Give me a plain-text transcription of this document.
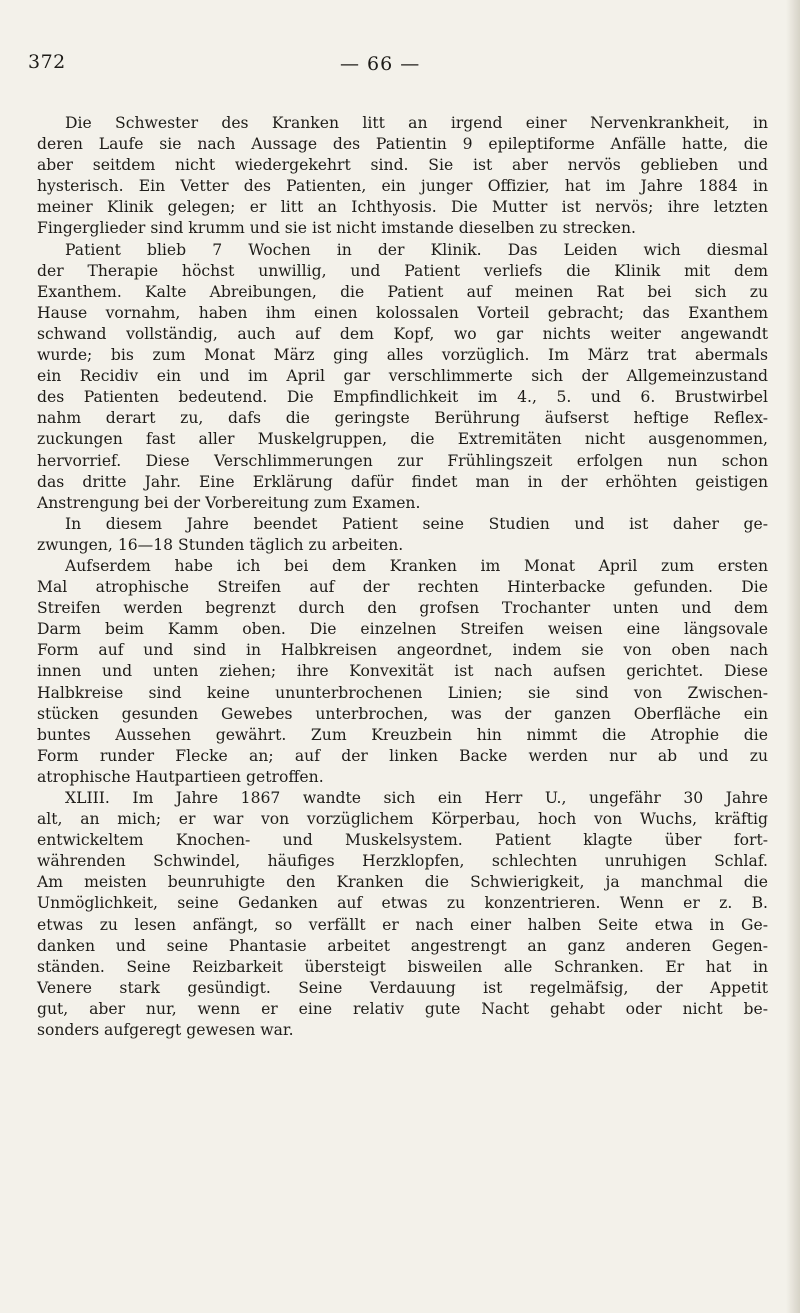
372	— 66 —
Die Schwester des Kranken litt an irgend einer Nervenkrankheit, in
deren Laufe sie nach Aussage des Patientin 9 epileptiforme Anfälle hatte, die
aber seitdem nicht wiedergekehrt sind. Sie ist aber nervös geblieben und
hysterisch. Ein Vetter des Patienten, ein junger Offizier, hat im Jahre 1884 in
meiner Klinik gelegen; er litt an Ichthyosis. Die Mutter ist nervös; ihre letzten
Fingerglieder sind krumm und sie ist nicht imstande dieselben zu strecken.
Patient blieb 7 Wochen in der Klinik. Das Leiden wich diesmal
der Therapie höchst unwillig, und Patient verliefs die Klinik mit dem
Exanthem. Kalte Abreibungen, die Patient auf meinen Rat bei sich zu
Hause vornahm, haben ihm einen kolossalen Vorteil gebracht; das Exanthem
schwand vollständig, auch auf dem Kopf, wo gar nichts weiter angewandt
wurde; bis zum Monat März ging alles vorzüglich. Im März trat abermals
ein Recidiv ein und im April gar verschlimmerte sich der Allgemeinzustand
des Patienten bedeutend. Die Empfindlichkeit im 4., 5. und 6. Brustwirbel
nahm derart zu, dafs die geringste Berührung äufserst heftige Reflex-
zuckungen fast aller Muskelgruppen, die Extremitäten nicht ausgenommen,
hervorrief. Diese Verschlimmerungen zur Frühlingszeit erfolgen nun schon
das dritte Jahr. Eine Erklärung dafür findet man in der erhöhten geistigen
Anstrengung bei der Vorbereitung zum Examen.
In diesem Jahre beendet Patient seine Studien und ist daher ge-
zwungen, 16—18 Stunden täglich zu arbeiten.
Aufserdem habe ich bei dem Kranken im Monat April zum ersten
Mal atrophische Streifen auf der rechten Hinterbacke gefunden. Die
Streifen werden begrenzt durch den grofsen Trochanter unten und dem
Darm beim Kamm oben. Die einzelnen Streifen weisen eine längsovale
Form auf und sind in Halbkreisen angeordnet, indem sie von oben nach
innen und unten ziehen; ihre Konvexität ist nach aufsen gerichtet. Diese
Halbkreise sind keine ununterbrochenen Linien; sie sind von Zwischen-
stücken gesunden Gewebes unterbrochen, was der ganzen Oberfläche ein
buntes Aussehen gewährt. Zum Kreuzbein hin nimmt die Atrophie die
Form runder Flecke an; auf der linken Backe werden nur ab und zu
atrophische Hautpartieen getroffen.
XLIII. Im Jahre 1867 wandte sich ein Herr U., ungefähr 30 Jahre
alt, an mich; er war von vorzüglichem Körperbau, hoch von Wuchs, kräftig
entwickeltem Knochen- und Muskelsystem. Patient klagte über fort-
währenden Schwindel, häufiges Herzklopfen, schlechten unruhigen Schlaf.
Am meisten beunruhigte den Kranken die Schwierigkeit, ja manchmal die
Unmöglichkeit, seine Gedanken auf etwas zu konzentrieren. Wenn er z. B.
etwas zu lesen anfängt, so verfällt er nach einer halben Seite etwa in Ge-
danken und seine Phantasie arbeitet angestrengt an ganz anderen Gegen-
ständen. Seine Reizbarkeit übersteigt bisweilen alle Schranken. Er hat in
Venere stark gesündigt. Seine Verdauung ist regelmäfsig, der Appetit
gut, aber nur, wenn er eine relativ gute Nacht gehabt oder nicht be-
sonders aufgeregt gewesen war.
